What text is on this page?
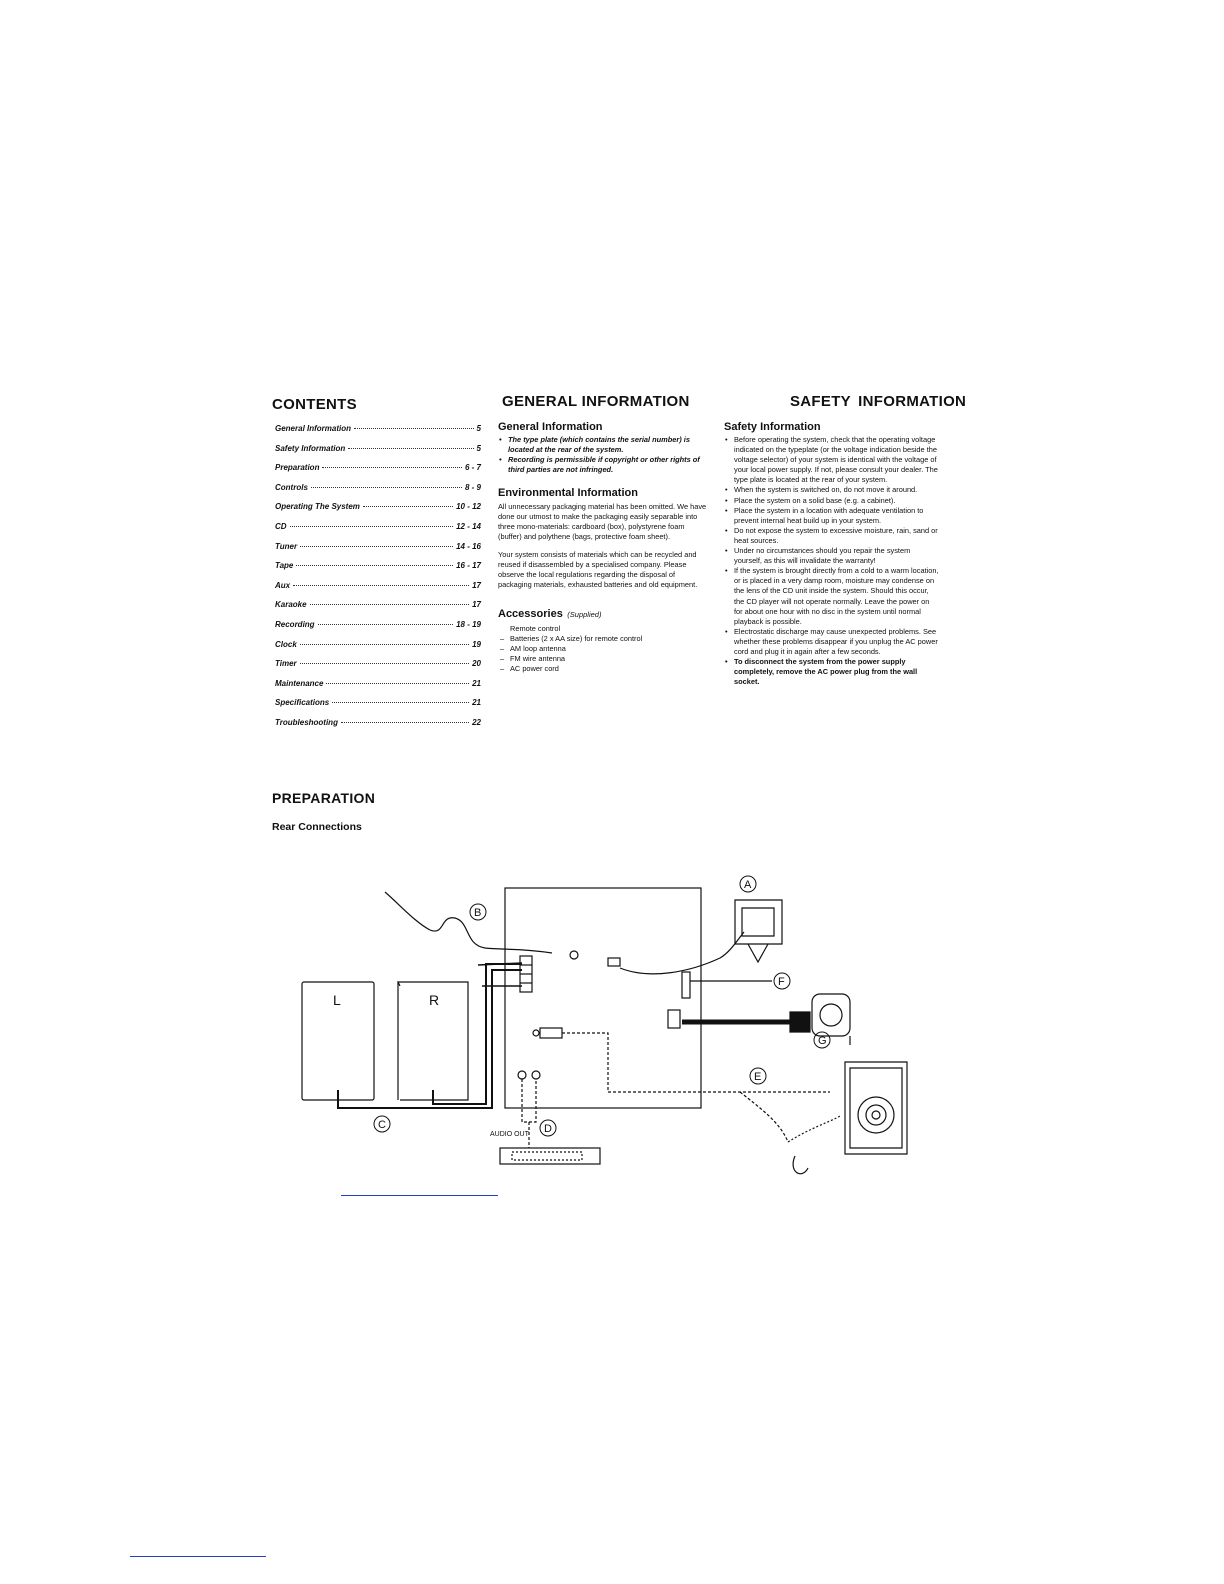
CONTENTS
General Information	5
Safety Information	5
Preparation	6 - 7
Controls	8 - 9
Operating The System	10 - 12
CD	12 - 14
Tuner	14 - 16
Tape	16 - 17
Aux	17
Karaoke	17
Recording	18 - 19
Clock	19
Timer	20
Maintenance	21
Specifications	21
Troubleshooting	22
GENERAL INFORMATION
General Information
• The type plate (which contains the serial number) is located at the rear of the system.
• Recording is permissible if copyright or other rights of third parties are not infringed.
Environmental Information

All unnecessary packaging material has been omitted. We have done our utmost to make the packaging easily separable into three mono-materials: cardboard (box), polystyrene foam (buffer) and polythene (bags, protective foam sheet).

Your system consists of materials which can be recycled and reused if disassembled by a specialised company. Please observe the local regulations regarding the disposal of packaging materials, exhausted batteries and old equipment.

Accessories (Supplied)
Remote control
– Batteries (2 x AA size) for remote control
– AM loop antenna
– FM wire antenna
– AC power cord
SAFETY INFORMATION
Safety Information
• Before operating the system, check that the operating voltage indicated on the typeplate (or the voltage indication beside the voltage selector) of your system is identical with the voltage of your local power supply. If not, please consult your dealer. The type plate is located at the rear of your system.
• When the system is switched on, do not move it around.
• Place the system on a solid base (e.g. a cabinet).
• Place the system in a location with adequate ventilation to prevent internal heat build up in your system.
• Do not expose the system to excessive moisture, rain, sand or heat sources.
• Under no circumstances should you repair the system yourself, as this will invalidate the warranty!
• If the system is brought directly from a cold to a warm location, or is placed in a very damp room, moisture may condense on the lens of the CD unit inside the system. Should this occur, the CD player will not operate normally. Leave the power on for about one hour with no disc in the system until normal playback is possible.
• Electrostatic discharge may cause unexpected problems. See whether these problems disappear if you unplug the AC power cord and plug it in again after a few seconds.
• To disconnect the system from the power supply completely, remove the AC power plug from the wall socket.
PREPARATION
Rear Connections
A
B
C	D
E
F
G
L	R
AUDIO OUT
